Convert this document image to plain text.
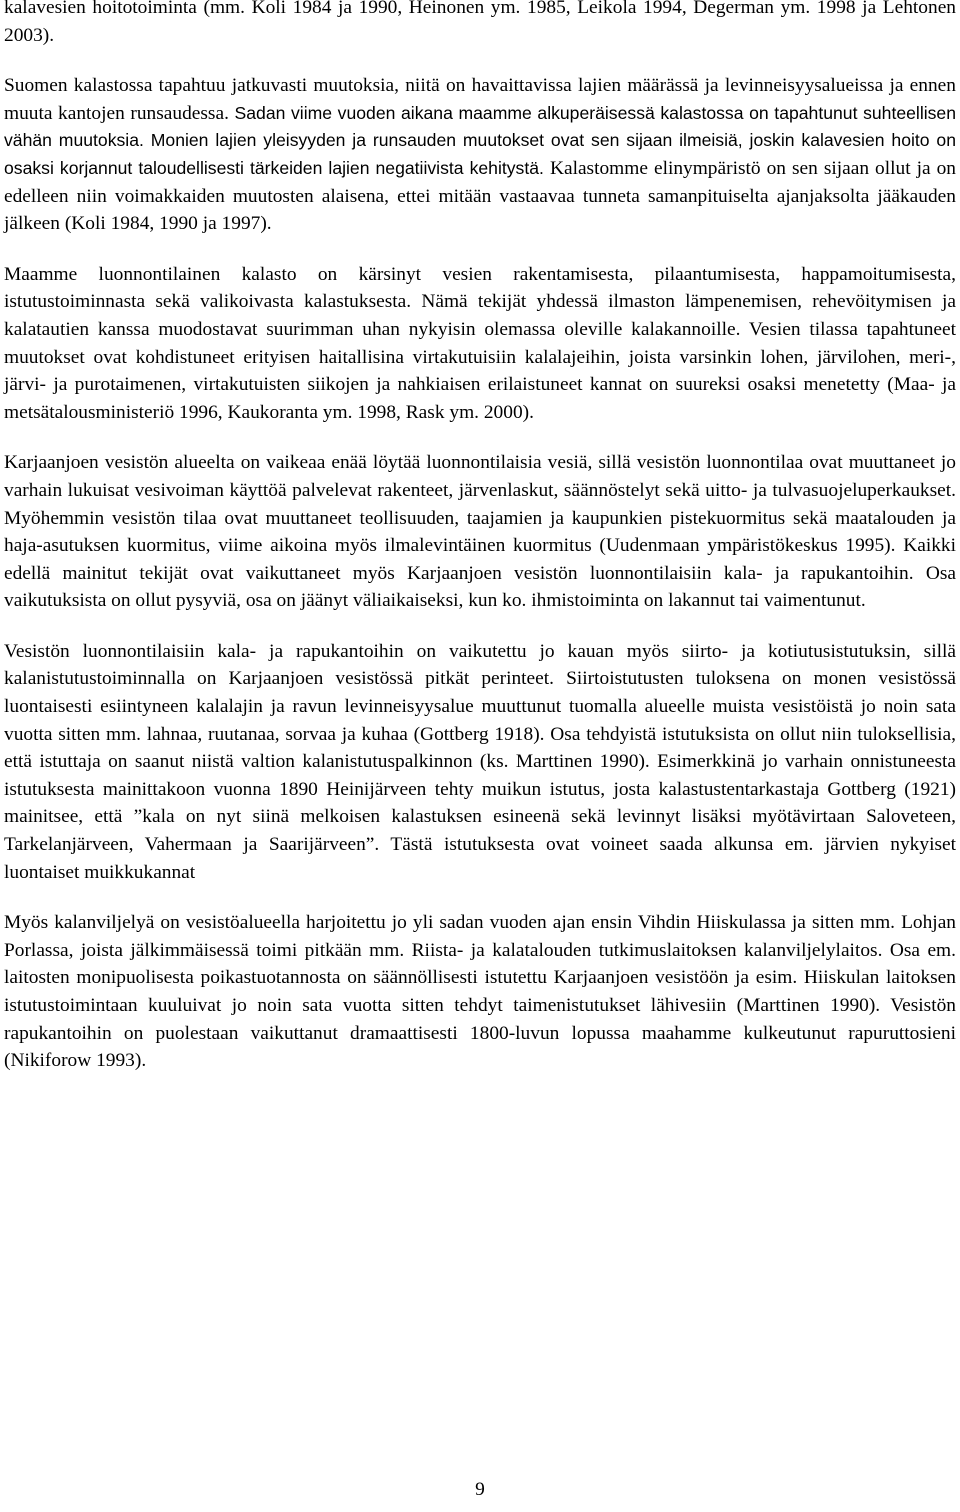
kalavesien hoitotoiminta (mm. Koli 1984 ja 1990, Heinonen ym. 1985, Leikola 1994, Degerman ym. 1998 ja Lehtonen 2003).

Suomen kalastossa tapahtuu jatkuvasti muutoksia, niitä on havaittavissa lajien määrässä ja levinneisyysalueissa ja ennen muuta kantojen runsaudessa. Sadan viime vuoden aikana maamme alkuperäisessä kalastossa on tapahtunut suhteellisen vähän muutoksia. Monien lajien yleisyyden ja runsauden muutokset ovat sen sijaan ilmeisiä, joskin kalavesien hoito on osaksi korjannut taloudellisesti tärkeiden lajien negatiivista kehitystä. Kalastomme elinympäristö on sen sijaan ollut ja on edelleen niin voimakkaiden muutosten alaisena, ettei mitään vastaavaa tunneta samanpituiselta ajanjaksolta jääkauden jälkeen (Koli 1984, 1990 ja 1997).

Maamme luonnontilainen kalasto on kärsinyt vesien rakentamisesta, pilaantumisesta, happamoitumisesta, istutustoiminnasta sekä valikoivasta kalastuksesta. Nämä tekijät yhdessä ilmaston lämpenemisen, rehevöitymisen ja kalatautien kanssa muodostavat suurimman uhan nykyisin olemassa oleville kalakannoille. Vesien tilassa tapahtuneet muutokset ovat kohdistuneet erityisen haitallisina virtakutuisiin kalalajeihin, joista varsinkin lohen, järvilohen, meri-, järvi- ja purotaimenen, virtakutuisten siikojen ja nahkiaisen erilaistuneet kannat on suureksi osaksi menetetty (Maa- ja metsätalousministeriö 1996, Kaukoranta ym. 1998, Rask ym. 2000).

Karjaanjoen vesistön alueelta on vaikeaa enää löytää luonnontilaisia vesiä, sillä vesistön luonnontilaa ovat muuttaneet jo varhain lukuisat vesivoiman käyttöä palvelevat rakenteet, järvenlaskut, säännöstelyt sekä uitto- ja tulvasuojeluperkaukset. Myöhemmin vesistön tilaa ovat muuttaneet teollisuuden, taajamien ja kaupunkien pistekuormitus sekä maatalouden ja haja-asutuksen kuormitus, viime aikoina myös ilmalevintäinen kuormitus (Uudenmaan ympäristökeskus 1995). Kaikki edellä mainitut tekijät ovat vaikuttaneet myös Karjaanjoen vesistön luonnontilaisiin kala- ja rapukantoihin. Osa vaikutuksista on ollut pysyviä, osa on jäänyt väliaikaiseksi, kun ko. ihmistoiminta on lakannut tai vaimentunut.

Vesistön luonnontilaisiin kala- ja rapukantoihin on vaikutettu jo kauan myös siirto- ja kotiutusistutuksin, sillä kalanistutustoiminnalla on Karjaanjoen vesistössä pitkät perinteet. Siirtoistutusten tuloksena on monen vesistössä luontaisesti esiintyneen kalalajin ja ravun levinneisyysalue muuttunut tuomalla alueelle muista vesistöistä jo noin sata vuotta sitten mm. lahnaa, ruutanaa, sorvaa ja kuhaa (Gottberg 1918). Osa tehdyistä istutuksista on ollut niin tuloksellisia, että istuttaja on saanut niistä valtion kalanistutuspalkinnon (ks. Marttinen 1990). Esimerkkinä jo varhain onnistuneesta istutuksesta mainittakoon vuonna 1890 Heinijärveen tehty muikun istutus, josta kalastustentarkastaja Gottberg (1921) mainitsee, että ”kala on nyt siinä melkoisen kalastuksen esineenä sekä levinnyt lisäksi myötävirtaan Saloveteen, Tarkelanjärveen, Vahermaan ja Saarijärveen”. Tästä istutuksesta ovat voineet saada alkunsa em. järvien nykyiset luontaiset muikkukannat

Myös kalanviljelyä on vesistöalueella harjoitettu jo yli sadan vuoden ajan ensin Vihdin Hiiskulassa ja sitten mm. Lohjan Porlassa, joista jälkimmäisessä toimi pitkään mm. Riista- ja kalatalouden tutkimuslaitoksen kalanviljelylaitos. Osa em. laitosten monipuolisesta poikastuotannosta on säännöllisesti istutettu Karjaanjoen vesistöön ja esim. Hiiskulan laitoksen istutustoimintaan kuuluivat jo noin sata vuotta sitten tehdyt taimenistutukset lähivesiin (Marttinen 1990). Vesistön rapukantoihin on puolestaan vaikuttanut dramaattisesti 1800-luvun lopussa maahamme kulkeutunut rapuruttosieni (Nikiforow 1993).

9
